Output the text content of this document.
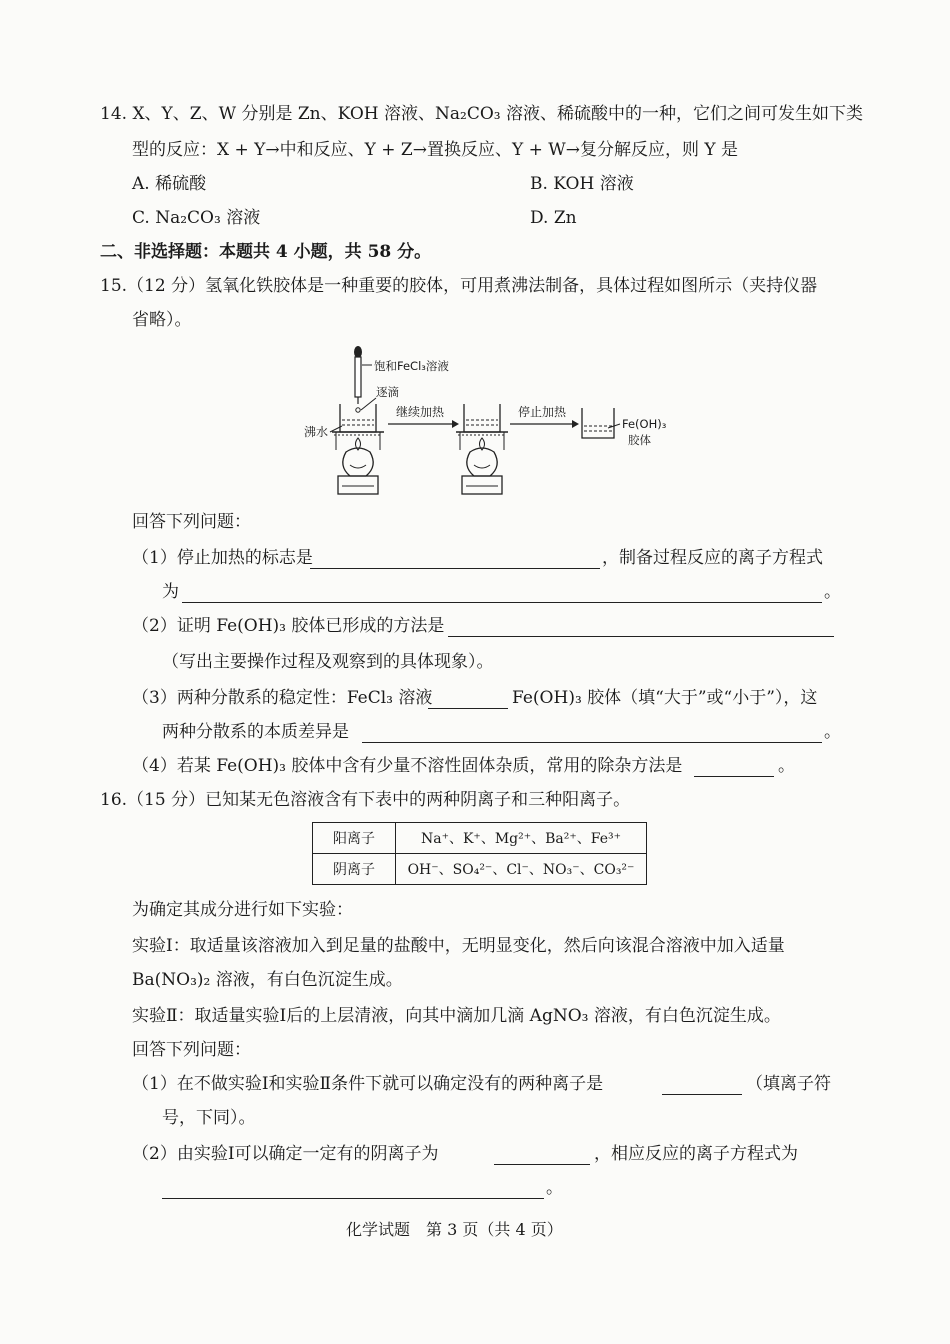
14. X、Y、Z、W 分别是 Zn、KOH 溶液、Na₂CO₃ 溶液、稀硫酸中的一种，它们之间可发生如下类
型的反应：X + Y→中和反应、Y + Z→置换反应、Y + W→复分解反应，则 Y 是
A. 稀硫酸	B. KOH 溶液
C. Na₂CO₃ 溶液	D. Zn
二、非选择题：本题共 4 小题，共 58 分。
15.（12 分）氢氧化铁胶体是一种重要的胶体，可用煮沸法制备，具体过程如图所示（夹持仪器
省略）。
饱和FeCl₃溶液
逐滴
沸水
继续加热	停止加热
Fe(OH)₃
胶体
回答下列问题：
（1）停止加热的标志是	，制备过程反应的离子方程式
为	。
（2）证明 Fe(OH)₃ 胶体已形成的方法是
（写出主要操作过程及观察到的具体现象）。
（3）两种分散系的稳定性：FeCl₃ 溶液	Fe(OH)₃ 胶体（填“大于”或“小于”），这
两种分散系的本质差异是	。
（4）若某 Fe(OH)₃ 胶体中含有少量不溶性固体杂质，常用的除杂方法是	。
16.（15 分）已知某无色溶液含有下表中的两种阴离子和三种阳离子。
阳离子	Na⁺、K⁺、Mg²⁺、Ba²⁺、Fe³⁺
阴离子	OH⁻、SO₄²⁻、Cl⁻、NO₃⁻、CO₃²⁻
为确定其成分进行如下实验：
实验Ⅰ：取适量该溶液加入到足量的盐酸中，无明显变化，然后向该混合溶液中加入适量
Ba(NO₃)₂ 溶液，有白色沉淀生成。
实验Ⅱ：取适量实验Ⅰ后的上层清液，向其中滴加几滴 AgNO₃ 溶液，有白色沉淀生成。
回答下列问题：
（1）在不做实验Ⅰ和实验Ⅱ条件下就可以确定没有的两种离子是	（填离子符
号，下同）。
（2）由实验Ⅰ可以确定一定有的阴离子为	，相应反应的离子方程式为
。
化学试题　第 3 页（共 4 页）
